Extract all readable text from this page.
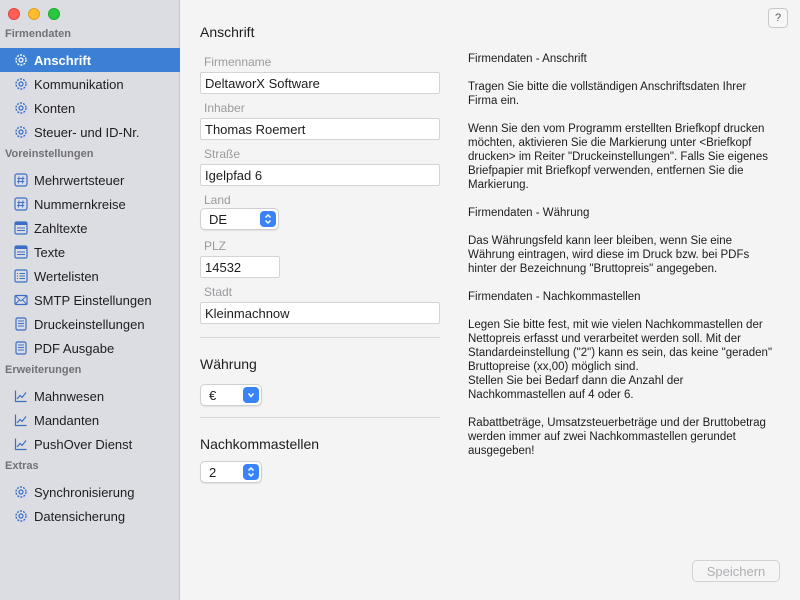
Firmendaten
Voreinstellungen
Erweiterungen
Extras
Anschrift
Kommunikation
Konten
Steuer- und ID-Nr.
Mehrwertsteuer
Nummernkreise
Zahltexte
Texte
Wertelisten
SMTP Einstellungen
Druckeinstellungen
PDF Ausgabe
Mahnwesen
Mandanten
PushOver Dienst
Synchronisierung
Datensicherung
?
Anschrift
Firmenname
DeltaworX Software
Inhaber
Thomas Roemert
Straße
Igelpfad 6
Land
DE
PLZ
14532
Stadt
Kleinmachnow
Währung
€
Nachkommastellen
2

Firmendaten - Anschrift

Tragen Sie bitte die vollständigen Anschriftsdaten Ihrer Firma ein.

Wenn Sie den vom Programm erstellten Briefkopf drucken möchten, aktivieren Sie die Markierung unter <Briefkopf drucken> im Reiter "Druckeinstellungen". Falls Sie eigenes Briefpapier mit Briefkopf verwenden, entfernen Sie die Markierung.

Firmendaten - Währung

Das Währungsfeld kann leer bleiben, wenn Sie eine Währung eintragen, wird diese im Druck bzw. bei PDFs hinter der Bezeichnung "Bruttopreis" angegeben.

Firmendaten - Nachkommastellen

Legen Sie bitte fest, mit wie vielen Nachkommastellen der Nettopreis erfasst und verarbeitet werden soll. Mit der Standardeinstellung ("2") kann es sein, das keine "geraden" Bruttopreise (xx,00) möglich sind.

Stellen Sie bei Bedarf dann die Anzahl der Nachkommastellen auf 4 oder 6.

Rabattbeträge, Umsatzsteuerbeträge und der Bruttobetrag werden immer auf zwei Nachkommastellen gerundet ausgegeben!

Speichern
